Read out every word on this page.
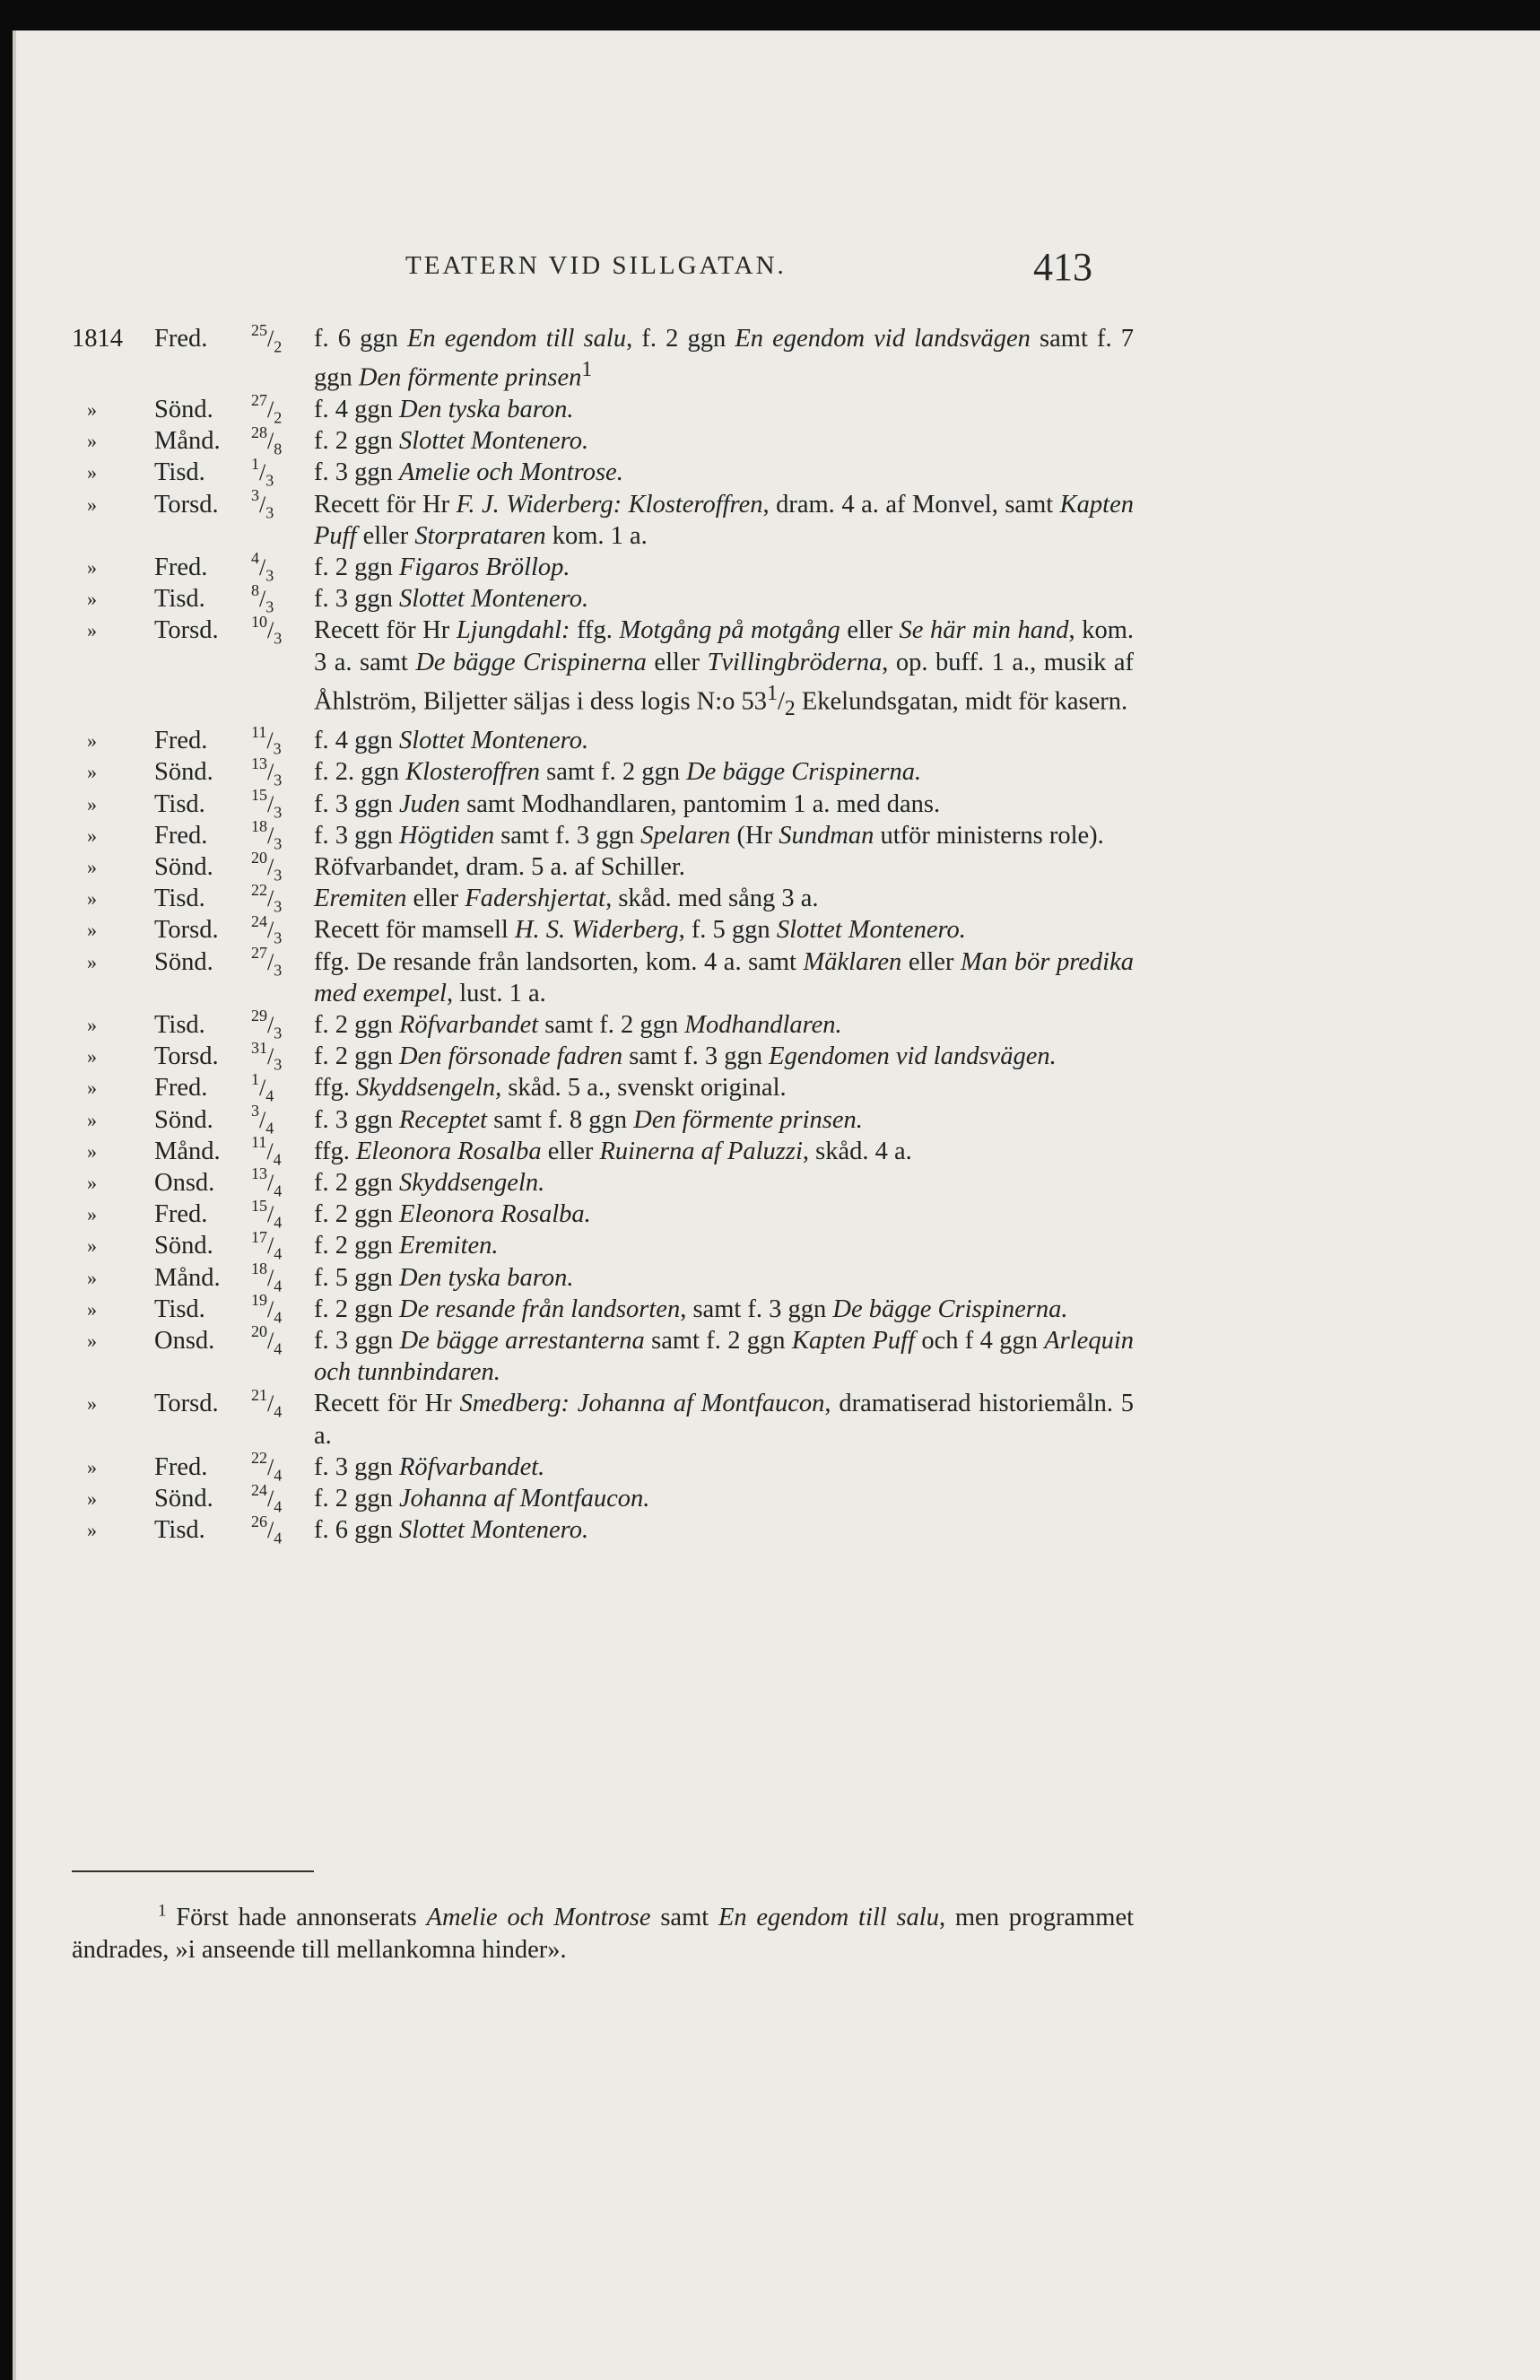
TEATERN VID SILLGATAN.	413
1814 Fred.	$^{25}/_2$	f. 6 ggn En egendom till salu, f. 2 ggn En egendom vid landsvägen samt f. 7 ggn Den förmente prinsen$^1$
» Sönd. $^{27}/_2$	f. 4 ggn Den tyska baron.
» Månd. $^{28}/_8$	f. 2 ggn Slottet Montenero.
» Tisd.	$^1/_3$	f. 3 ggn Amelie och Montrose.
» Torsd. $^3/_3$	Recett för Hr F. J. Widerberg: Klosteroffren, dram. 4 a. af Monvel, samt Kapten Puff eller Storprataren kom. 1 a.
» Fred.	$^4/_3$	f. 2 ggn Figaros Bröllop.
» Tisd.	$^8/_3$	f. 3 ggn Slottet Montenero.
» Torsd. $^{10}/_3$	Recett för Hr Ljungdahl: ffg. Motgång på motgång eller Se här min hand, kom. 3 a. samt De bägge Crispinerna eller Tvillingbröderna, op. buff. 1 a., musik af Åhlström, Biljetter säljas i dess logis N:o $53^1/_2$ Ekelundsgatan, midt för kasern.
» Fred.	$^{11}/_3$	f. 4 ggn Slottet Montenero.
» Sönd. $^{13}/_3$	f. 2. ggn Klosteroffren samt f. 2 ggn De bägge Crispinerna.
» Tisd.	$^{15}/_3$	f. 3 ggn Juden samt Modhandlaren, pantomim 1 a. med dans.
» Fred.	$^{18}/_3$	f. 3 ggn Högtiden samt f. 3 ggn Spelaren (Hr Sundman utför ministerns role).
» Sönd. $^{20}/_3$	Röfvarbandet, dram. 5 a. af Schiller.
» Tisd.	$^{22}/_3$	Eremiten eller Fadershjertat, skåd. med sång 3 a.
» Torsd. $^{24}/_3$	Recett för mamsell H. S. Widerberg, f. 5 ggn Slottet Montenero.
» Sönd. $^{27}/_3$	ffg. De resande från landsorten, kom. 4 a. samt Mäklaren eller Man bör predika med exempel, lust. 1 a.
» Tisd.	$^{29}/_3$	f. 2 ggn Röfvarbandet samt f. 2 ggn Modhandlaren.
» Torsd. $^{31}/_3$	f. 2 ggn Den försonade fadren samt f. 3 ggn Egendomen vid landsvägen.
» Fred.	$^1/_4$	ffg. Skyddsengeln, skåd. 5 a., svenskt original.
» Sönd. $^3/_4$	f. 3 ggn Receptet samt f. 8 ggn Den förmente prinsen.
» Månd. $^{11}/_4$	ffg. Eleonora Rosalba eller Ruinerna af Paluzzi, skåd. 4 a.
» Onsd. $^{13}/_4$	f. 2 ggn Skyddsengeln.
» Fred.	$^{15}/_4$	f. 2 ggn Eleonora Rosalba.
» Sönd. $^{17}/_4$	f. 2 ggn Eremiten.
» Månd. $^{18}/_4$	f. 5 ggn Den tyska baron.
» Tisd.	$^{19}/_4$	f. 2 ggn De resande från landsorten, samt f. 3 ggn De bägge Crispinerna.
» Onsd. $^{20}/_4$	f. 3 ggn De bägge arrestanterna samt f. 2 ggn Kapten Puff och f 4 ggn Arlequin och tunnbindaren.
» Torsd. $^{21}/_4$	Recett för Hr Smedberg: Johanna af Montfaucon, dramatiserad historiemåln. 5 a.
» Fred.	$^{22}/_4$	f. 3 ggn Röfvarbandet.
» Sönd. $^{24}/_4$	f. 2 ggn Johanna af Montfaucon.
» Tisd.	$^{26}/_4$	f. 6 ggn Slottet Montenero.
$^1$ Först hade annonserats Amelie och Montrose samt En egendom till salu, men programmet ändrades, »i anseende till mellankomna hinder».
